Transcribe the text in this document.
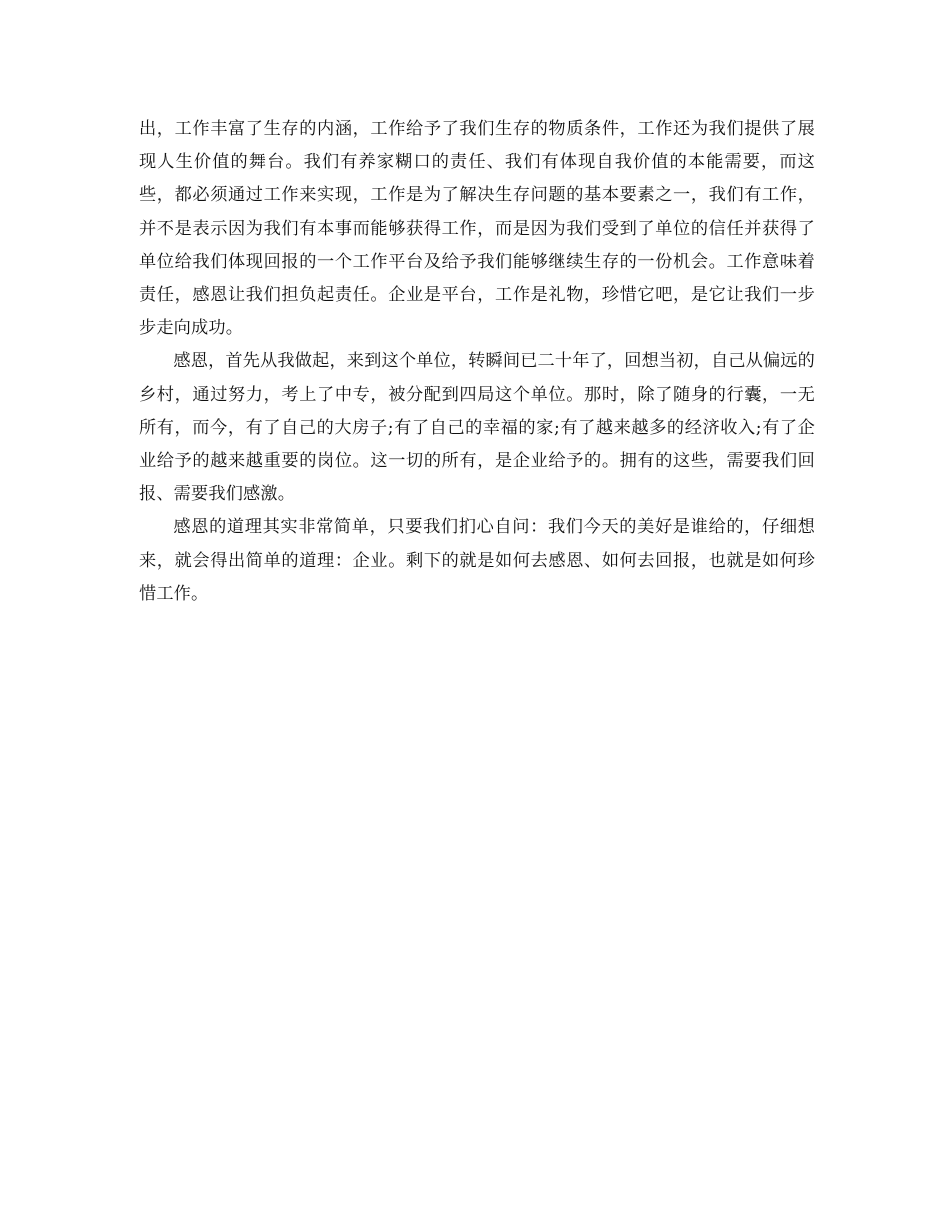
出，工作丰富了生存的内涵，工作给予了我们生存的物质条件，工作还为我们提供了展现人生价值的舞台。我们有养家糊口的责任、我们有体现自我价值的本能需要，而这些，都必须通过工作来实现，工作是为了解决生存问题的基本要素之一，我们有工作，并不是表示因为我们有本事而能够获得工作，而是因为我们受到了单位的信任并获得了单位给我们体现回报的一个工作平台及给予我们能够继续生存的一份机会。工作意味着责任，感恩让我们担负起责任。企业是平台，工作是礼物，珍惜它吧，是它让我们一步步走向成功。

感恩，首先从我做起，来到这个单位，转瞬间已二十年了，回想当初，自己从偏远的乡村，通过努力，考上了中专，被分配到四局这个单位。那时，除了随身的行囊，一无所有，而今，有了自己的大房子;有了自己的幸福的家;有了越来越多的经济收入;有了企业给予的越来越重要的岗位。这一切的所有，是企业给予的。拥有的这些，需要我们回报、需要我们感激。

感恩的道理其实非常简单，只要我们扪心自问：我们今天的美好是谁给的，仔细想来，就会得出简单的道理：企业。剩下的就是如何去感恩、如何去回报，也就是如何珍惜工作。
